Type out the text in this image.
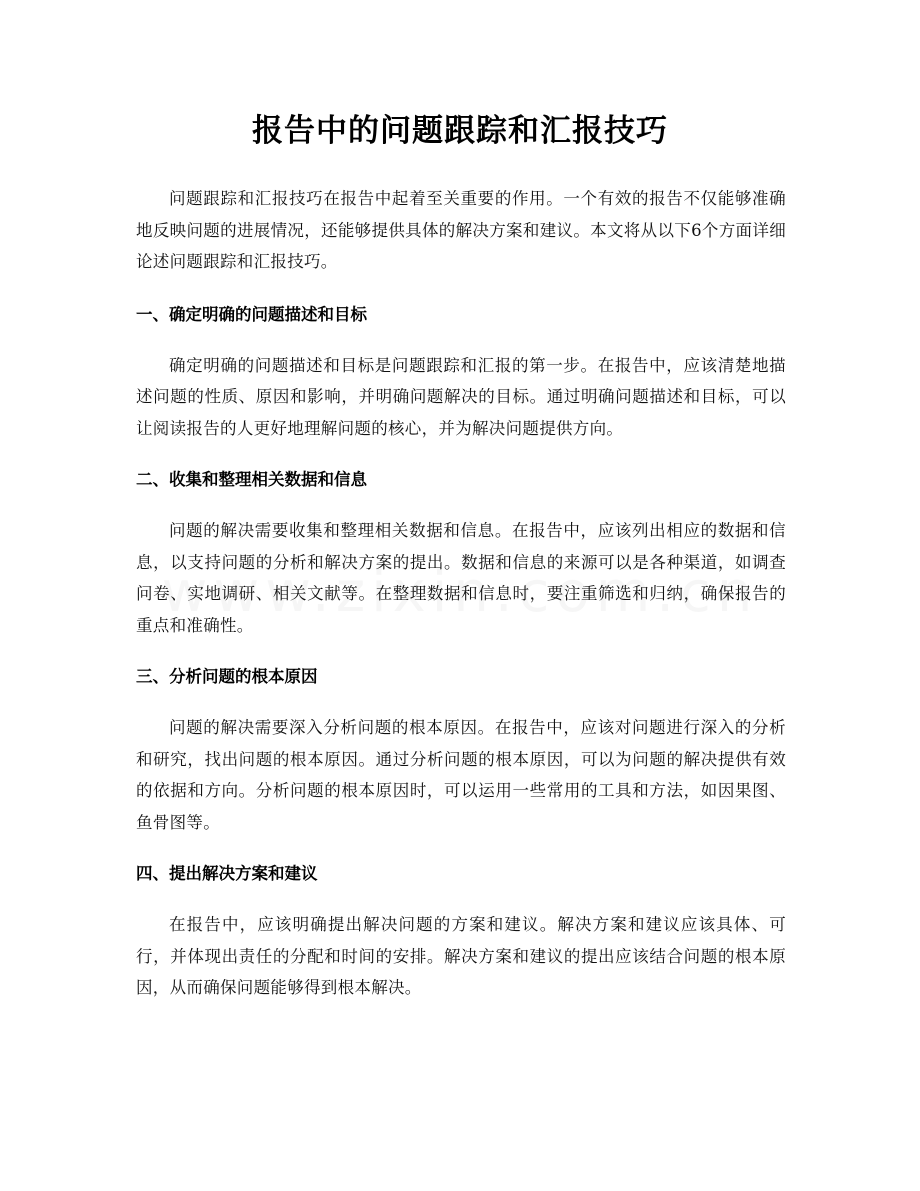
报告中的问题跟踪和汇报技巧

问题跟踪和汇报技巧在报告中起着至关重要的作用。一个有效的报告不仅能够准确地反映问题的进展情况，还能够提供具体的解决方案和建议。本文将从以下6个方面详细论述问题跟踪和汇报技巧。

一、确定明确的问题描述和目标

确定明确的问题描述和目标是问题跟踪和汇报的第一步。在报告中，应该清楚地描述问题的性质、原因和影响，并明确问题解决的目标。通过明确问题描述和目标，可以让阅读报告的人更好地理解问题的核心，并为解决问题提供方向。

二、收集和整理相关数据和信息

问题的解决需要收集和整理相关数据和信息。在报告中，应该列出相应的数据和信息，以支持问题的分析和解决方案的提出。数据和信息的来源可以是各种渠道，如调查问卷、实地调研、相关文献等。在整理数据和信息时，要注重筛选和归纳，确保报告的重点和准确性。

三、分析问题的根本原因

问题的解决需要深入分析问题的根本原因。在报告中，应该对问题进行深入的分析和研究，找出问题的根本原因。通过分析问题的根本原因，可以为问题的解决提供有效的依据和方向。分析问题的根本原因时，可以运用一些常用的工具和方法，如因果图、鱼骨图等。

四、提出解决方案和建议

在报告中，应该明确提出解决问题的方案和建议。解决方案和建议应该具体、可行，并体现出责任的分配和时间的安排。解决方案和建议的提出应该结合问题的根本原因，从而确保问题能够得到根本解决。
